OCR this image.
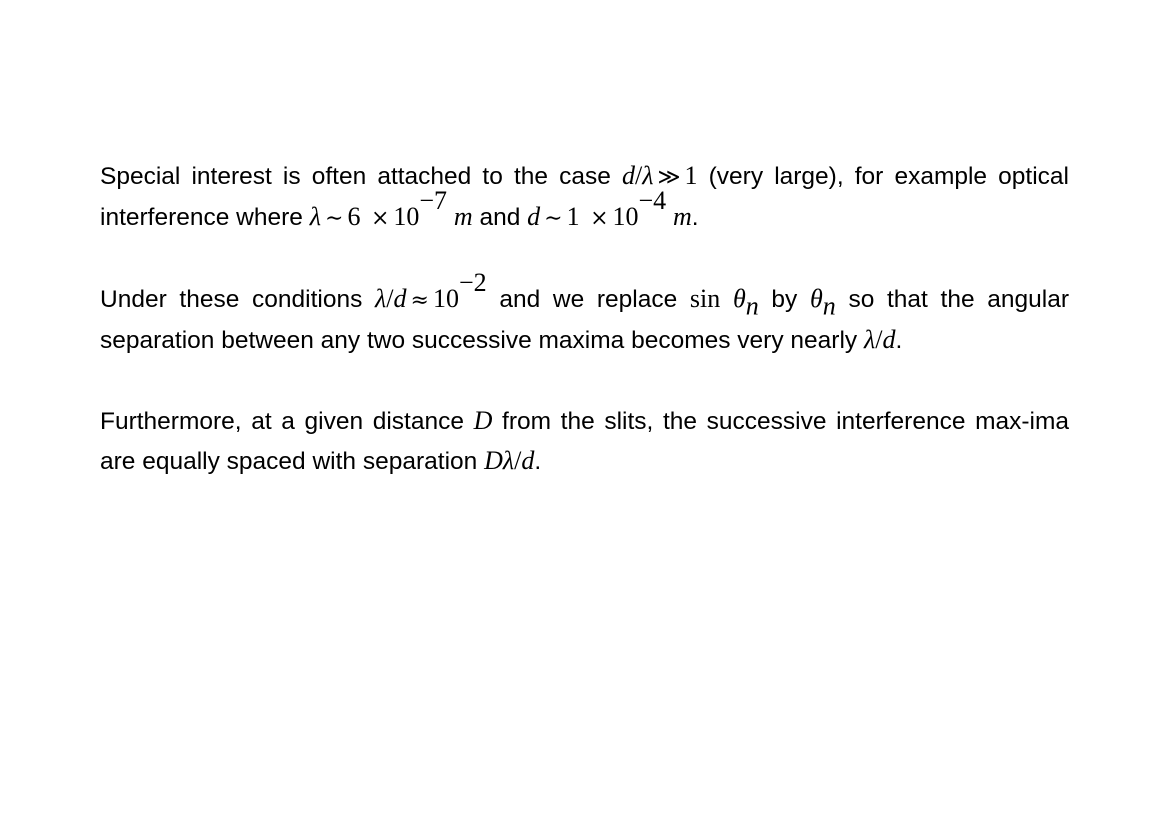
Special interest is often attached to the case d/λ ≫ 1 (very large), for example optical interference where λ ∼ $6 \times 10^{-7}$ m and d ∼ $1 \times 10^{-4}$ m.

Under these conditions $\lambda/d \approx 10^{-2}$ and we replace $\sin \theta_n$ by $\theta_n$ so that the angular separation between any two successive maxima becomes very nearly λ/d.

Furthermore, at a given distance D from the slits, the successive interference max-ima are equally spaced with separation Dλ/d.
